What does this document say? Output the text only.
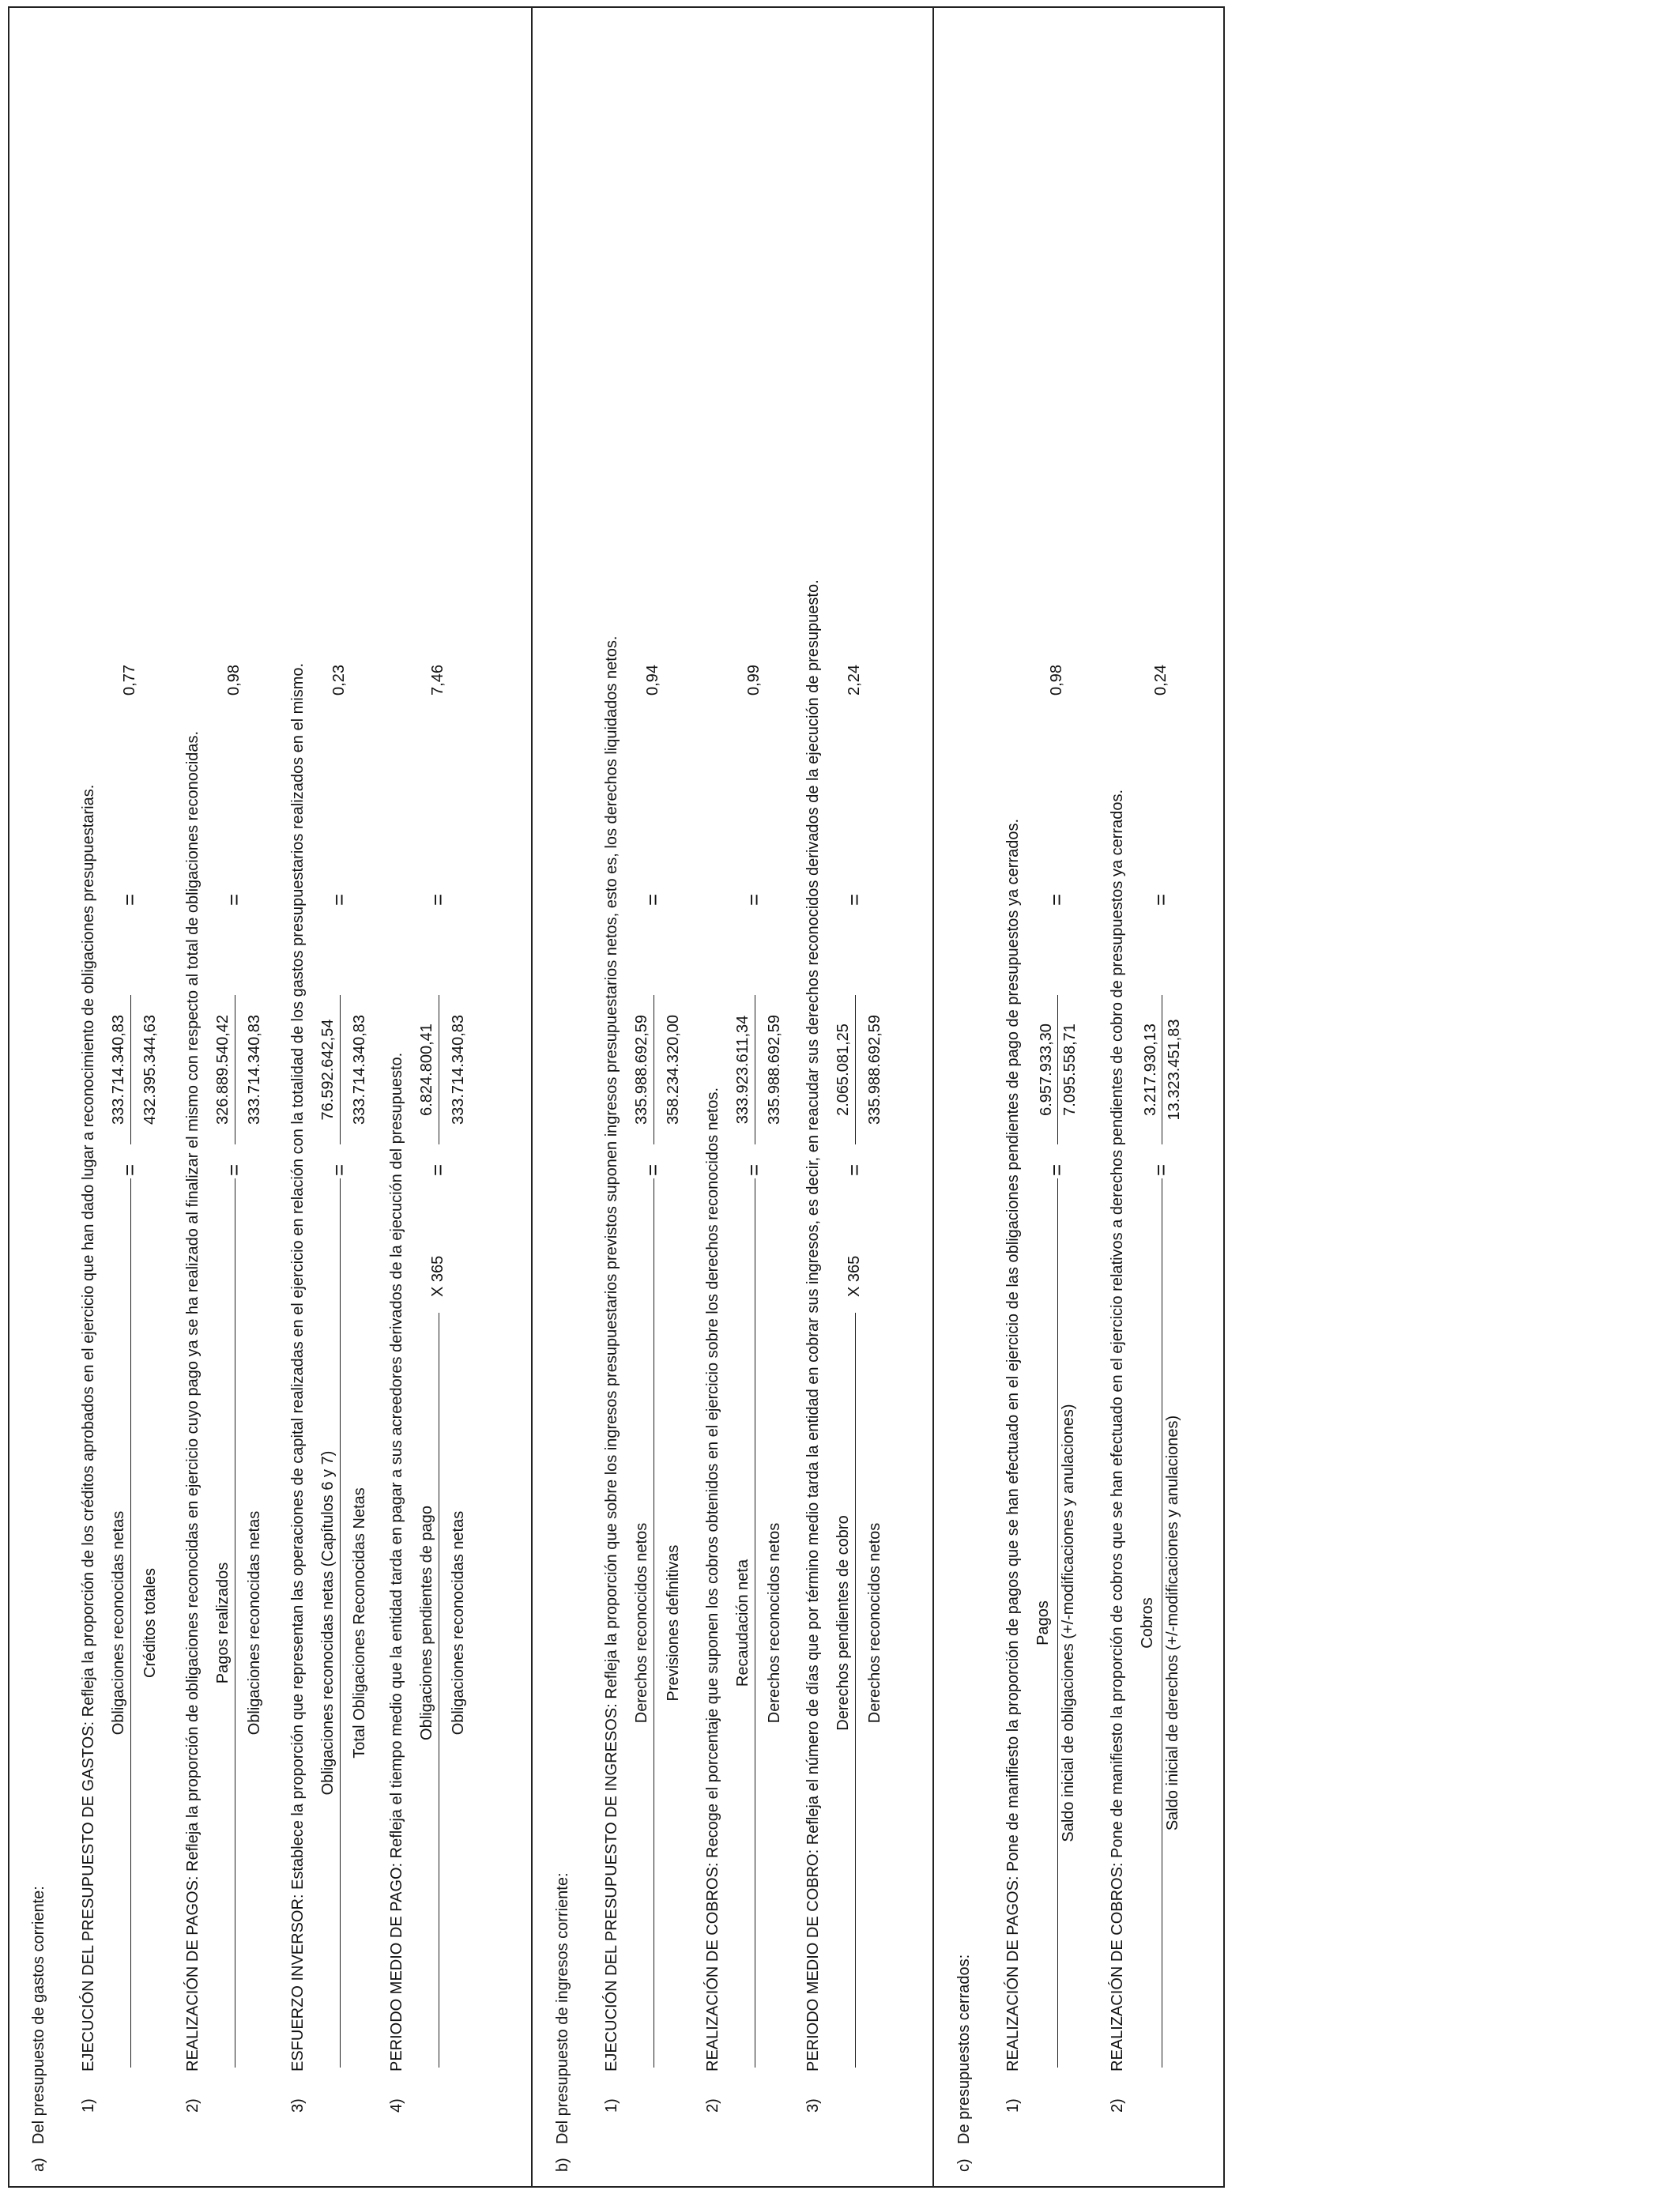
a)
Del presupuesto de gastos corriente: 1)
EJECUCIÓN DEL PRESUPUESTO DE GASTOS: Refleja la proporción de los créditos aprobados en el ejercicio que han dado lugar a reconocimiento de obligaciones presupuestarias. Obligaciones reconocidas netas Créditos totales
=
333.714.340,83 432.395.344,63
=
0,77
2)
REALIZACIÓN DE PAGOS: Refleja la proporción de obligaciones reconocidas en ejercicio cuyo pago ya se ha realizado al finalizar el mismo con respecto al total de obligaciones reconocidas. Pagos realizados Obligaciones reconocidas netas
=
326.889.540,42 333.714.340,83
=
0,98
3)
ESFUERZO INVERSOR: Establece la proporción que representan las operaciones de capital realizadas en el ejercicio en relación con la totalidad de los gastos presupuestarios realizados en el mismo. Obligaciones reconocidas netas (Capítulos 6 y 7) Total Obligaciones Reconocidas Netas
=
76.592.642,54 333.714.340,83
=
0,23
4)
PERIODO MEDIO DE PAGO: Refleja el tiempo medio que la entidad tarda en pagar a sus acreedores derivados de la ejecución del presupuesto. Obligaciones pendientes de pago
X 365
Obligaciones reconocidas netas
=
6.824.800,41 333.714.340,83
=
7,46
b)
Del presupuesto de ingresos corriente: 1)
EJECUCIÓN DEL PRESUPUESTO DE INGRESOS: Refleja la proporción que sobre los ingresos presupuestarios previstos suponen ingresos presupuestarios netos, esto es, los derechos liquidados netos. Derechos reconocidos netos Previsiones definitivas
=
335.988.692,59 358.234.320,00
=
0,94
2)
REALIZACIÓN DE COBROS: Recoge el porcentaje que suponen los cobros obtenidos en el ejercicio sobre los derechos reconocidos netos. Recaudación neta Derechos reconocidos netos
=
333.923.611,34 335.988.692,59
=
0,99
3)
PERIODO MEDIO DE COBRO: Refleja el número de días que por término medio tarda la entidad en cobrar sus ingresos, es decir, en reacudar sus derechos reconocidos derivados de la ejecución de presupuesto. Derechos pendientes de cobro
X 365
Derechos reconocidos netos
=
2.065.081,25 335.988.692,59
=
2,24
c)
De presupuestos cerrados: 1)
REALIZACIÓN DE PAGOS: Pone de manifiesto la proporción de pagos que se han efectuado en el ejercicio de las obligaciones pendientes de pago de presupuestos ya cerrados. Pagos Saldo inicial de obligaciones (+/-modificaciones y anulaciones)
=
6.957.933,30 7.095.558,71
=
0,98
2)
REALIZACIÓN DE COBROS: Pone de manifiesto la proporción de cobros que se han efectuado en el ejercicio relativos a derechos pendientes de cobro de presupuestos ya cerrados. Cobros Saldo inicial de derechos (+/-modificaciones y anulaciones)
=
3.217.930,13 13.323.451,83
=
0,24
